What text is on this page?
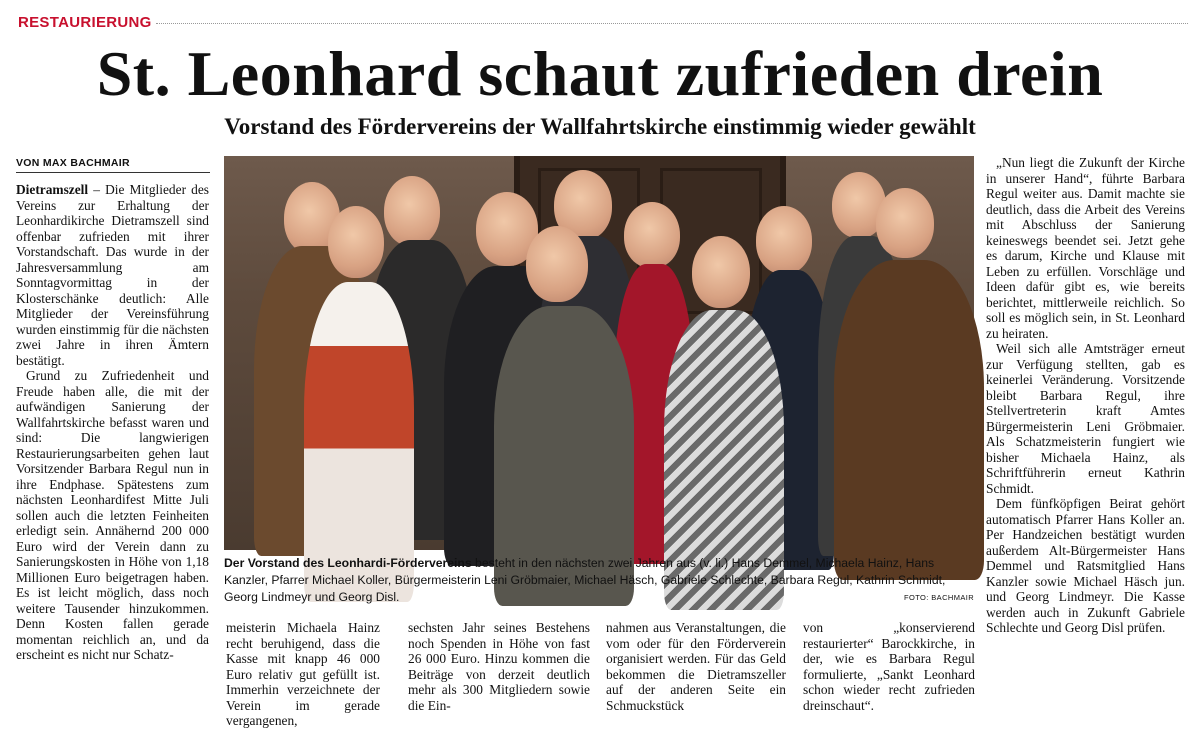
RESTAURIERUNG
St. Leonhard schaut zufrieden drein
Vorstand des Fördervereins der Wallfahrtskirche einstimmig wieder gewählt
VON MAX BACHMAIR

Dietramszell – Die Mitglieder des Vereins zur Erhaltung der Leonhardikirche Dietramszell sind offenbar zufrieden mit ihrer Vorstandschaft. Das wurde in der Jahresversammlung am Sonntagvormittag in der Klosterschänke deutlich: Alle Mitglieder der Vereinsführung wurden einstimmig für die nächsten zwei Jahre in ihren Ämtern bestätigt.

Grund zu Zufriedenheit und Freude haben alle, die mit der aufwändigen Sanierung der Wallfahrtskirche befasst waren und sind: Die langwierigen Restaurierungsarbeiten gehen laut Vorsitzender Barbara Regul nun in ihre Endphase. Spätestens zum nächsten Leonhardifest Mitte Juli sollen auch die letzten Feinheiten erledigt sein. Annähernd 200 000 Euro wird der Verein dann zu Sanierungskosten in Höhe von 1,18 Millionen Euro beigetragen haben. Es ist leicht möglich, dass noch weitere Tausender hinzukommen. Denn Kosten fallen gerade momentan reichlich an, und da erscheint es nicht nur Schatz-

Der Vorstand des Leonhardi-Fördervereins besteht in den nächsten zwei Jahren aus (v. li.) Hans Demmel, Michaela Hainz, Hans Kanzler, Pfarrer Michael Koller, Bürgermeisterin Leni Gröbmaier, Michael Häsch, Gabriele Schlechte, Barbara Regul, Kathrin Schmidt, Georg Lindmeyr und Georg Disl.	FOTO: BACHMAIR

meisterin Michaela Hainz recht beruhigend, dass die Kasse mit knapp 46 000 Euro relativ gut gefüllt ist. Immerhin verzeichnete der Verein im gerade vergangenen,

sechsten Jahr seines Bestehens noch Spenden in Höhe von fast 26 000 Euro. Hinzu kommen die Beiträge von derzeit deutlich mehr als 300 Mitgliedern sowie die Ein-

nahmen aus Veranstaltungen, die vom oder für den Förderverein organisiert werden. Für das Geld bekommen die Dietramszeller auf der anderen Seite ein Schmuckstück

von „konservierend restaurierter“ Barockkirche, in der, wie es Barbara Regul formulierte, „Sankt Leonhard schon wieder recht zufrieden dreinschaut“.

„Nun liegt die Zukunft der Kirche in unserer Hand“, führte Barbara Regul weiter aus. Damit machte sie deutlich, dass die Arbeit des Vereins mit Abschluss der Sanierung keineswegs beendet sei. Jetzt gehe es darum, Kirche und Klause mit Leben zu erfüllen. Vorschläge und Ideen dafür gibt es, wie bereits berichtet, mittlerweile reichlich. So soll es möglich sein, in St. Leonhard zu heiraten.

Weil sich alle Amtsträger erneut zur Verfügung stellten, gab es keinerlei Veränderung. Vorsitzende bleibt Barbara Regul, ihre Stellvertreterin kraft Amtes Bürgermeisterin Leni Gröbmaier. Als Schatzmeisterin fungiert wie bisher Michaela Hainz, als Schriftführerin erneut Kathrin Schmidt.

Dem fünfköpfigen Beirat gehört automatisch Pfarrer Hans Koller an. Per Handzeichen bestätigt wurden außerdem Alt-Bürgermeister Hans Demmel und Ratsmitglied Hans Kanzler sowie Michael Häsch jun. und Georg Lindmeyr. Die Kasse werden auch in Zukunft Gabriele Schlechte und Georg Disl prüfen.
